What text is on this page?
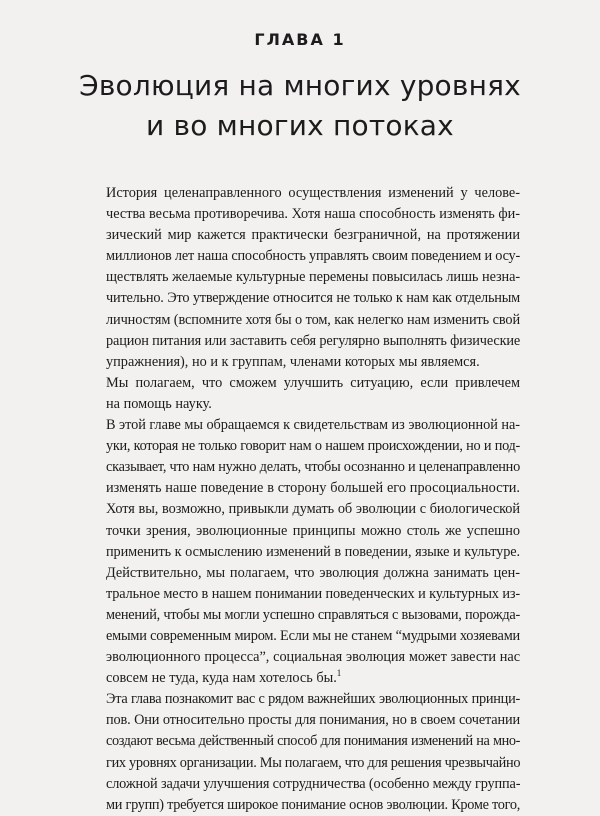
ГЛАВА 1
Эволюция на многих уровнях
и во многих потоках

История целенаправленного осуществления изменений у челове-
чества весьма противоречива. Хотя наша способность изменять фи-
зический мир кажется практически безграничной, на протяжении
миллионов лет наша способность управлять своим поведением и осу-
ществлять желаемые культурные перемены повысилась лишь незна-
чительно. Это утверждение относится не только к нам как отдельным
личностям (вспомните хотя бы о том, как нелегко нам изменить свой
рацион питания или заставить себя регулярно выполнять физические
упражнения), но и к группам, членами которых мы являемся.

Мы полагаем, что сможем улучшить ситуацию, если привлечем
на помощь науку.

В этой главе мы обращаемся к свидетельствам из эволюционной на-
уки, которая не только говорит нам о нашем происхождении, но и под-
сказывает, что нам нужно делать, чтобы осознанно и целенаправленно
изменять наше поведение в сторону большей его просоциальности.
Хотя вы, возможно, привыкли думать об эволюции с биологической
точки зрения, эволюционные принципы можно столь же успешно
применить к осмыслению изменений в поведении, языке и культуре.
Действительно, мы полагаем, что эволюция должна занимать цен-
тральное место в нашем понимании поведенческих и культурных из-
менений, чтобы мы могли успешно справляться с вызовами, порожда-
емыми современным миром. Если мы не станем “мудрыми хозяевами
эволюционного процесса”, социальная эволюция может завести нас
совсем не туда, куда нам хотелось бы.$^1$

Эта глава познакомит вас с рядом важнейших эволюционных принци-
пов. Они относительно просты для понимания, но в своем сочетании
создают весьма действенный способ для понимания изменений на мно-
гих уровнях организации. Мы полагаем, что для решения чрезвычайно
сложной задачи улучшения сотрудничества (особенно между группа-
ми групп) требуется широкое понимание основ эволюции. Кроме того,
